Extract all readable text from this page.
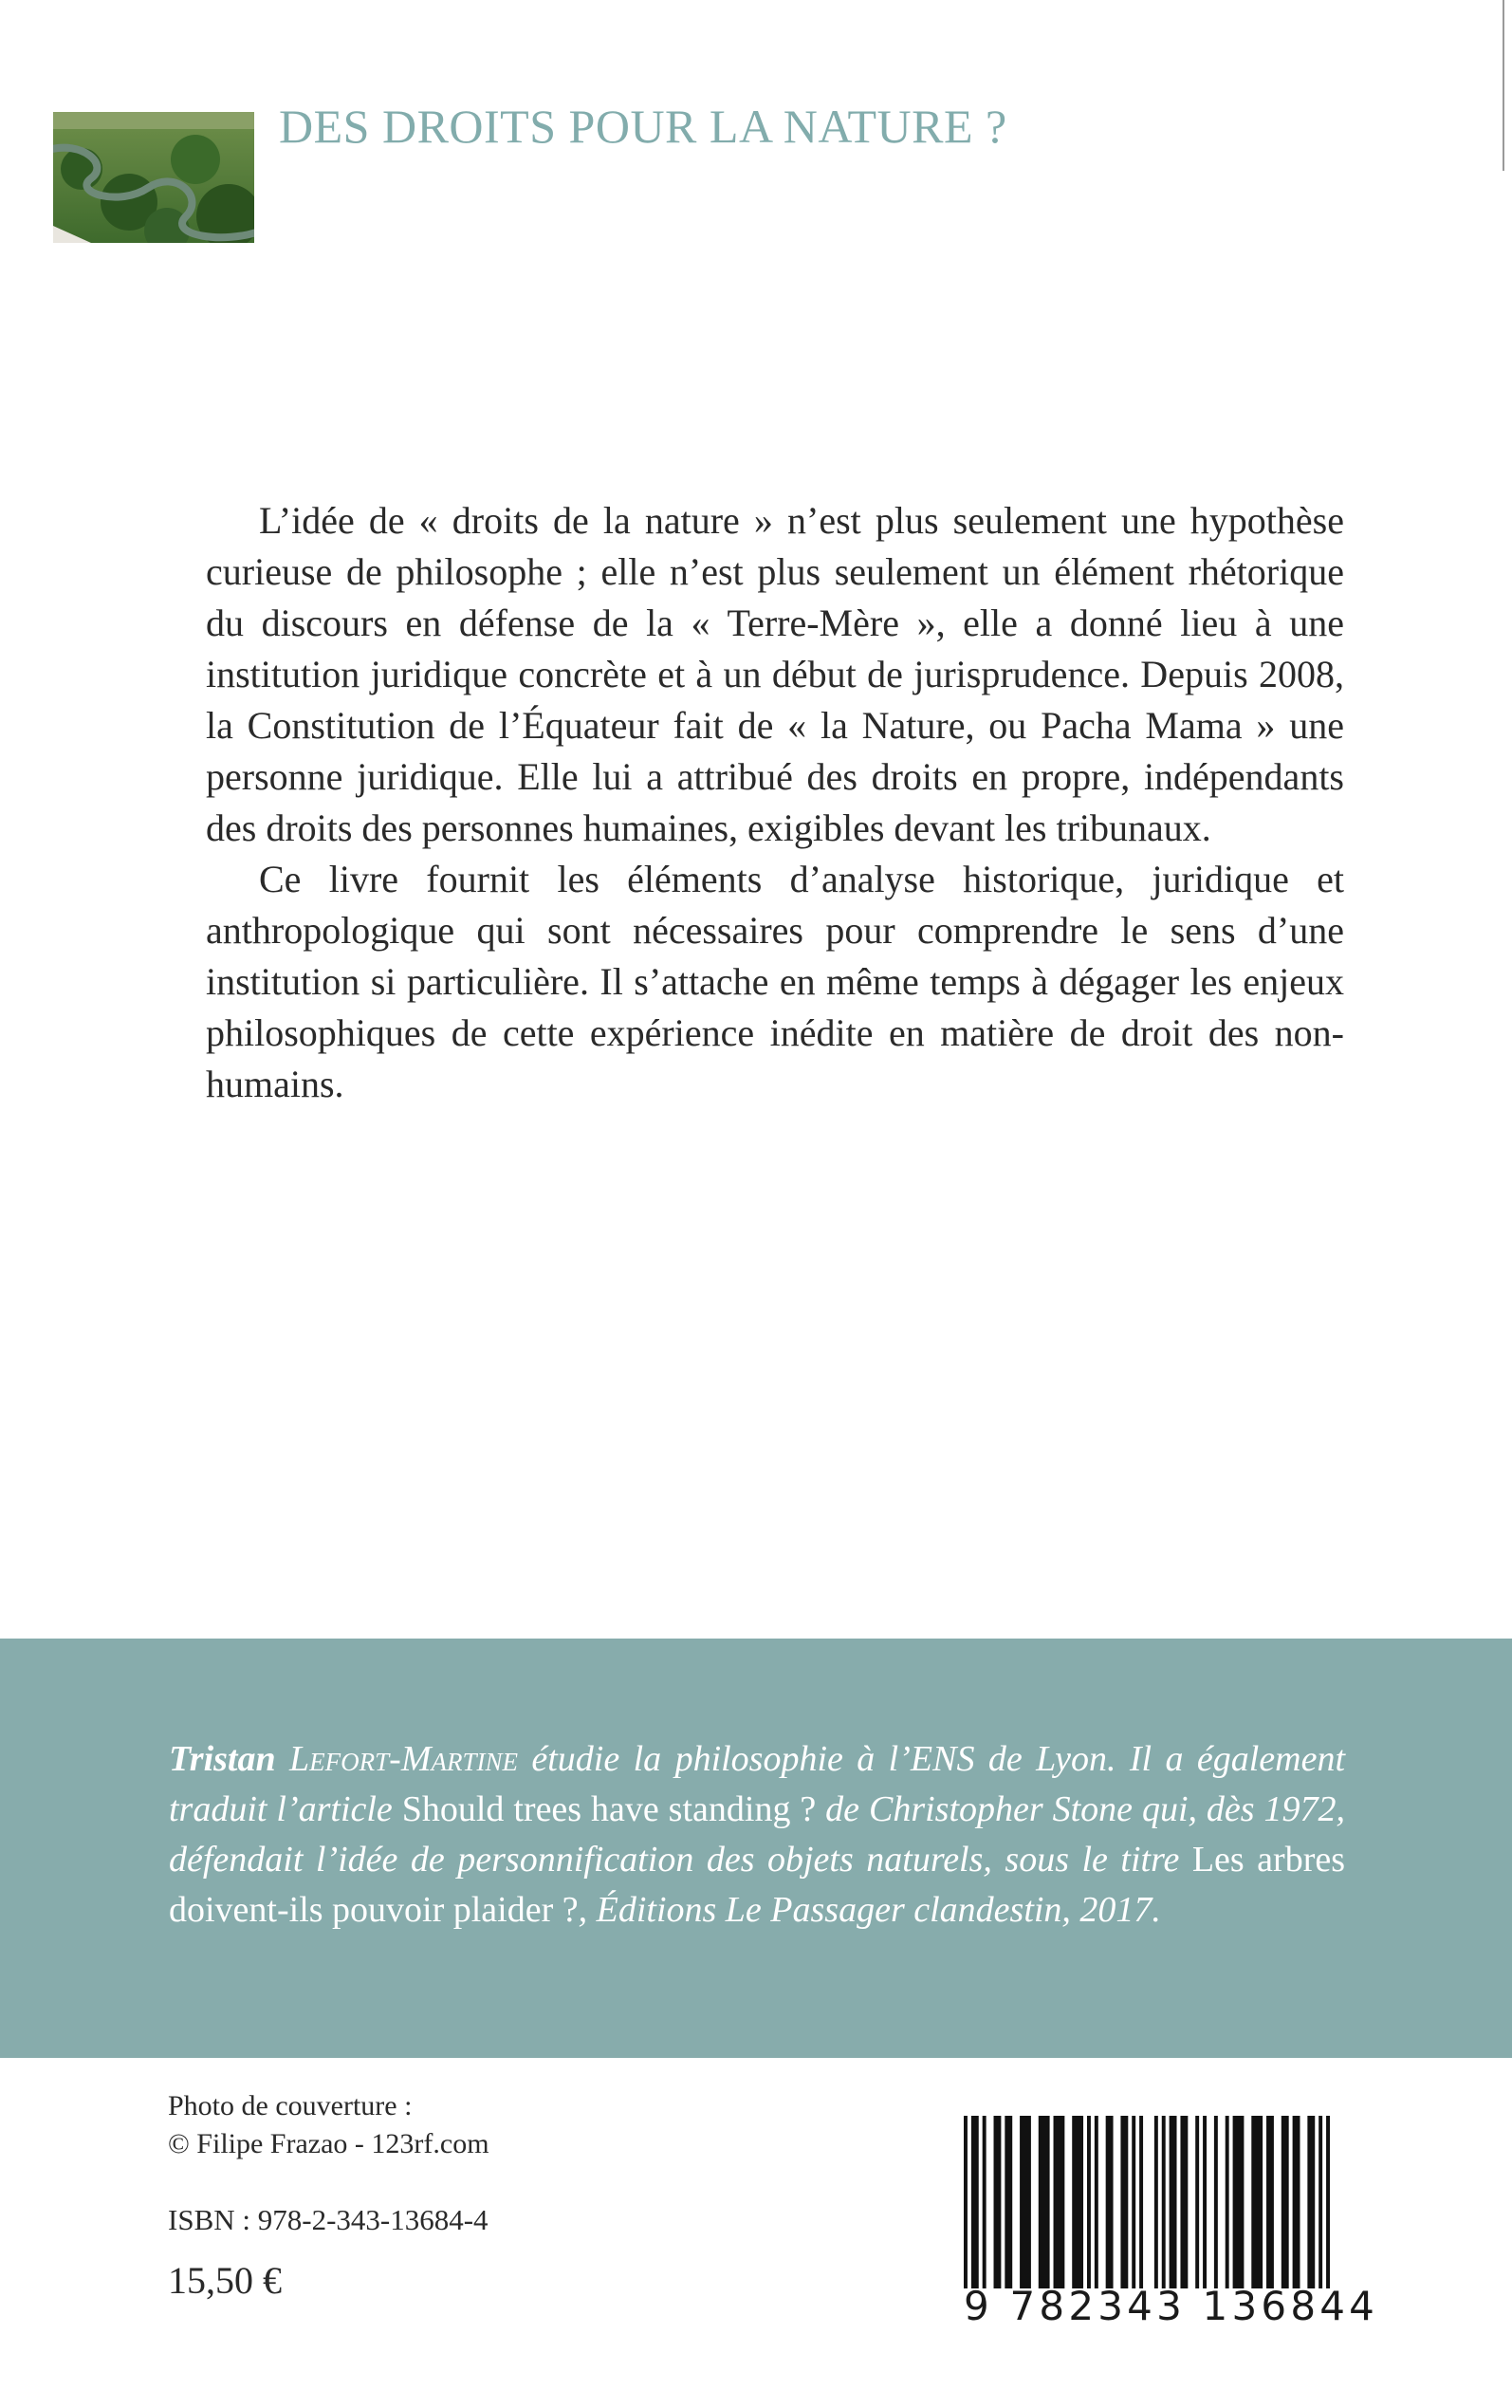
DES DROITS POUR LA NATURE ?

L’idée de « droits de la nature » n’est plus seulement une hypothèse curieuse de philosophe ; elle n’est plus seulement un élément rhétorique du discours en défense de la « Terre-Mère », elle a donné lieu à une institution juridique concrète et à un début de jurisprudence. Depuis 2008, la Constitution de l’Équateur fait de « la Nature, ou Pacha Mama » une personne juridique. Elle lui a attribué des droits en propre, indépendants des droits des personnes humaines, exigibles devant les tribunaux.

Ce livre fournit les éléments d’analyse historique, juridique et anthropologique qui sont nécessaires pour comprendre le sens d’une institution si particulière. Il s’attache en même temps à dégager les enjeux philosophiques de cette expérience inédite en matière de droit des non-humains.

Tristan Lefort-Martine étudie la philosophie à l’ENS de Lyon. Il a également traduit l’article Should trees have standing ? de Christopher Stone qui, dès 1972, défendait l’idée de personnification des objets naturels, sous le titre Les arbres doivent-ils pouvoir plaider ?, Éditions Le Passager clandestin, 2017.
Photo de couverture :
© Filipe Frazao - 123rf.com
ISBN : 978-2-343-13684-4
15,50 €
9 782343 136844
